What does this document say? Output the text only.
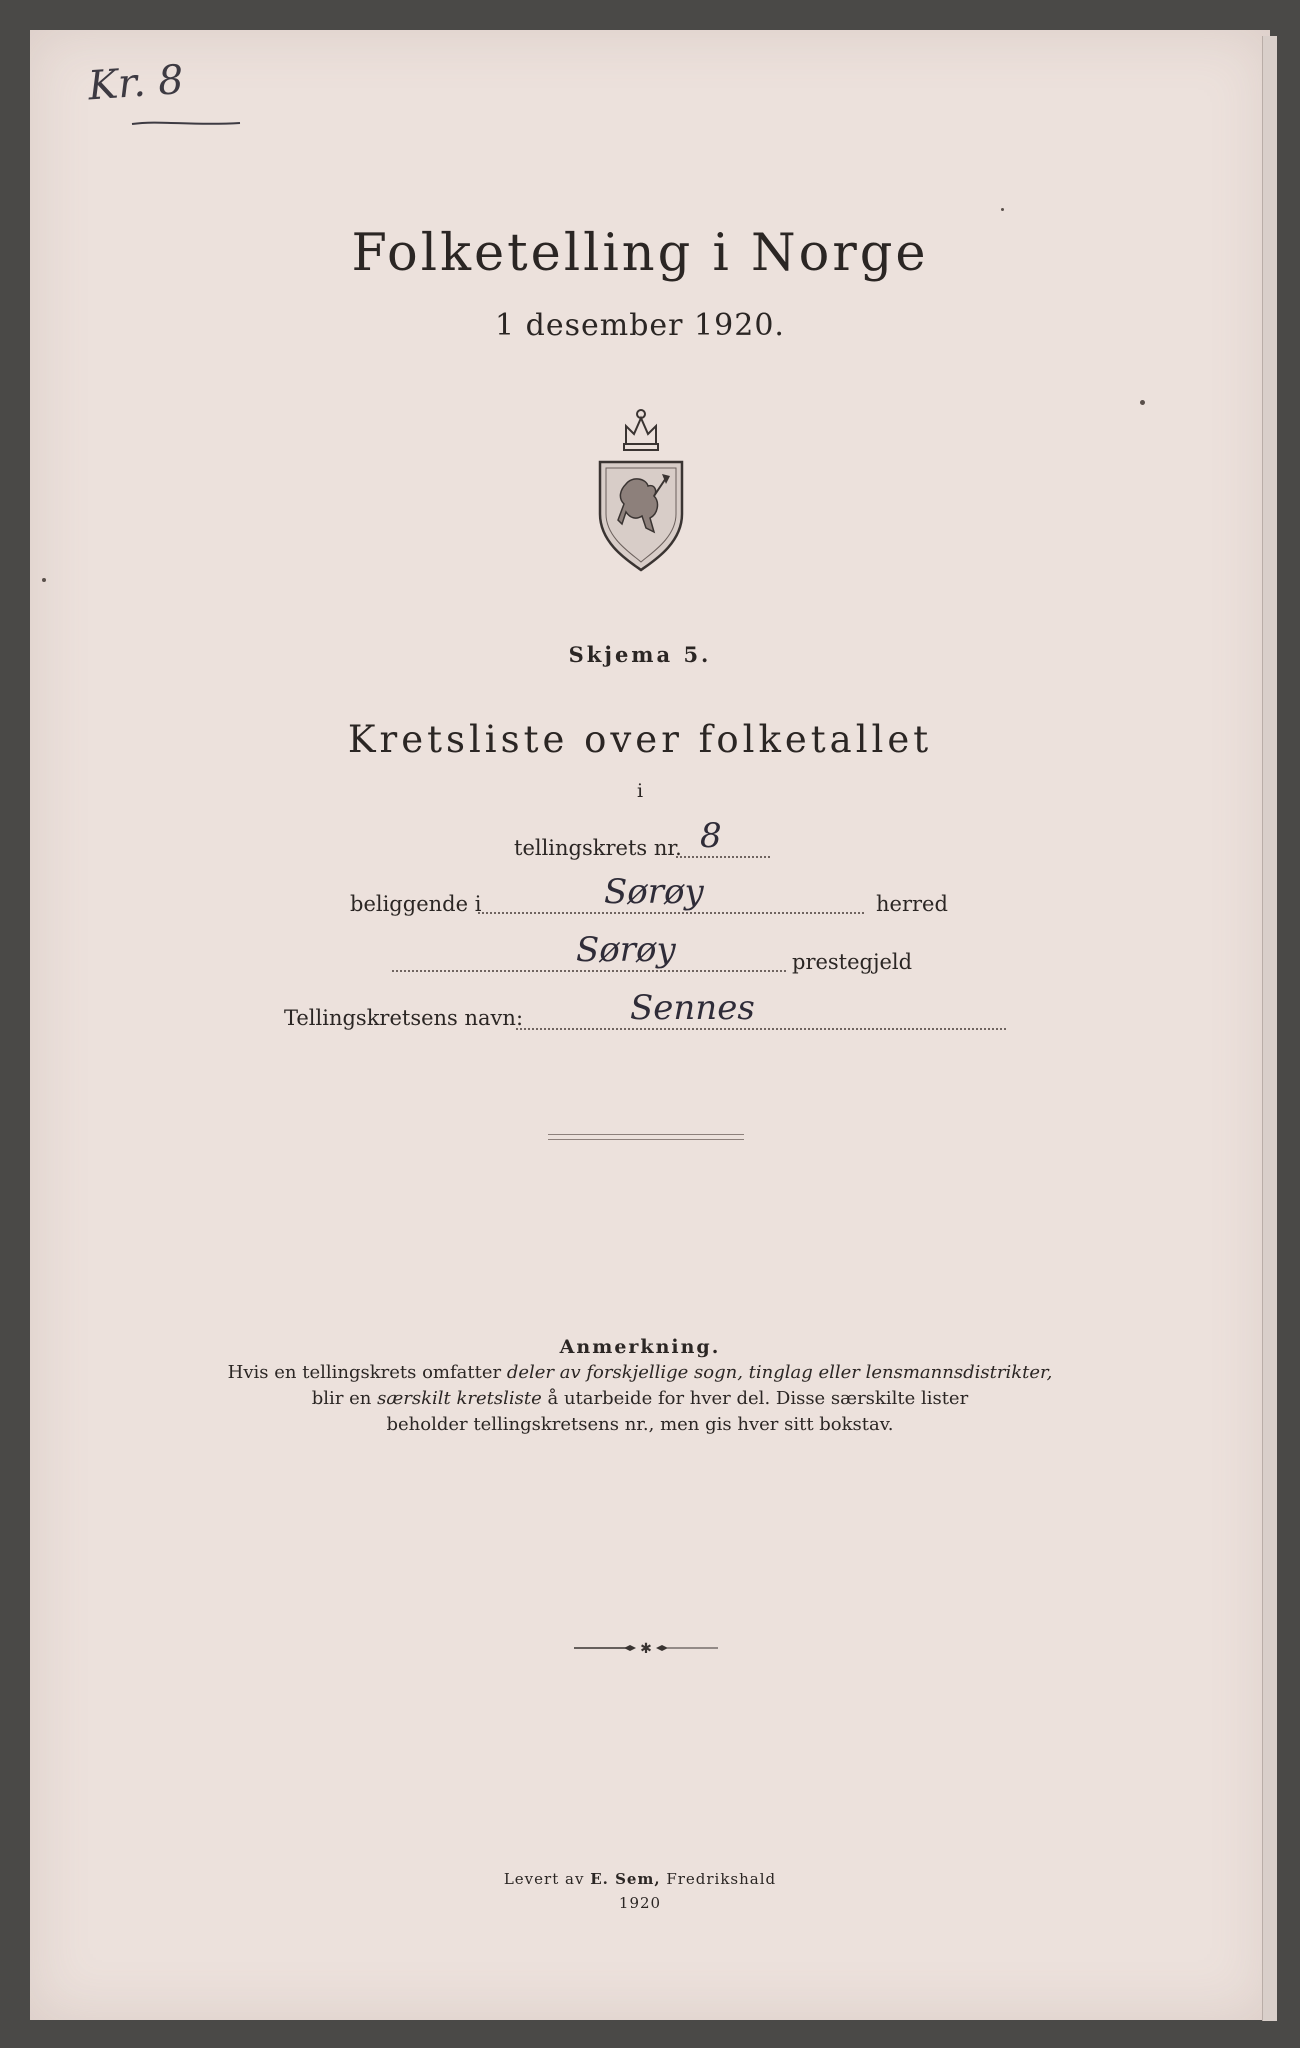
Kr. 8
Folketelling i Norge
1 desember 1920.
Skjema 5.
Kretsliste over folketallet
i
tellingskrets nr. 8
beliggende i	Sørøy	herred
Sørøy	prestegjeld
Tellingskretsens navn:	Sennes
Anmerkning.
Hvis en tellingskrets omfatter deler av forskjellige sogn, tinglag eller lensmannsdistrikter,
blir en særskilt kretsliste å utarbeide for hver del. Disse særskilte lister
beholder tellingskretsens nr., men gis hver sitt bokstav.
✱
Levert av E. Sem, Fredrikshald
1920
